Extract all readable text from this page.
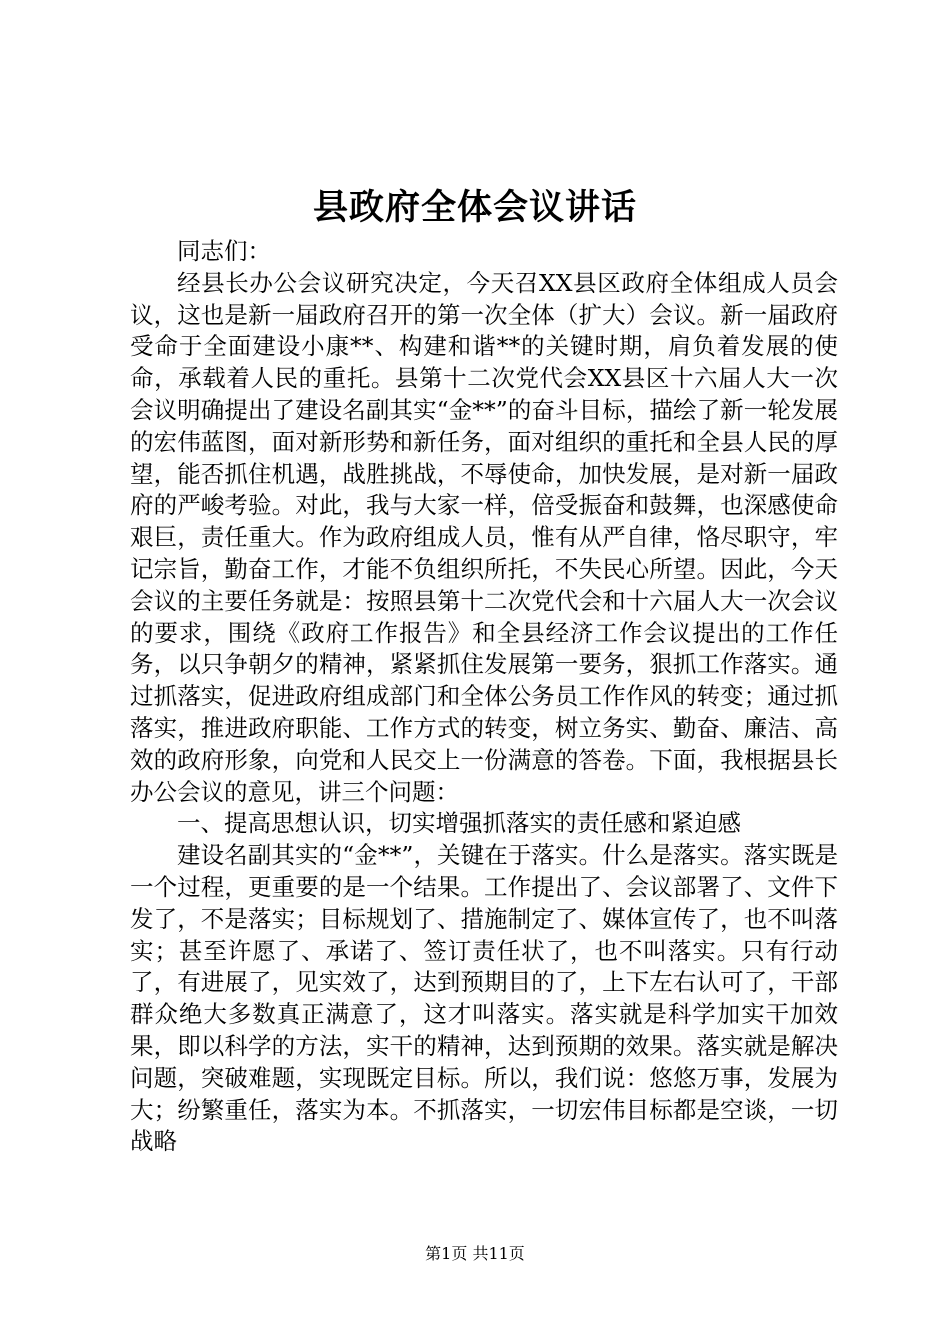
县政府全体会议讲话

同志们：

经县长办公会议研究决定，今天召XX县区政府全体组成人员会议，这也是新一届政府召开的第一次全体（扩大）会议。新一届政府受命于全面建设小康**、构建和谐**的关键时期，肩负着发展的使命，承载着人民的重托。县第十二次党代会XX县区十六届人大一次会议明确提出了建设名副其实“金**”的奋斗目标，描绘了新一轮发展的宏伟蓝图，面对新形势和新任务，面对组织的重托和全县人民的厚望，能否抓住机遇，战胜挑战，不辱使命，加快发展，是对新一届政府的严峻考验。对此，我与大家一样，倍受振奋和鼓舞，也深感使命艰巨，责任重大。作为政府组成人员，惟有从严自律，恪尽职守，牢记宗旨，勤奋工作，才能不负组织所托，不失民心所望。因此，今天会议的主要任务就是：按照县第十二次党代会和十六届人大一次会议的要求，围绕《政府工作报告》和全县经济工作会议提出的工作任务，以只争朝夕的精神，紧紧抓住发展第一要务，狠抓工作落实。通过抓落实，促进政府组成部门和全体公务员工作作风的转变；通过抓落实，推进政府职能、工作方式的转变，树立务实、勤奋、廉洁、高效的政府形象，向党和人民交上一份满意的答卷。下面，我根据县长办公会议的意见，讲三个问题：

一、提高思想认识，切实增强抓落实的责任感和紧迫感

建设名副其实的“金**”，关键在于落实。什么是落实。落实既是一个过程，更重要的是一个结果。工作提出了、会议部署了、文件下发了，不是落实；目标规划了、措施制定了、媒体宣传了，也不叫落实；甚至许愿了、承诺了、签订责任状了，也不叫落实。只有行动了，有进展了，见实效了，达到预期目的了，上下左右认可了，干部群众绝大多数真正满意了，这才叫落实。落实就是科学加实干加效果，即以科学的方法，实干的精神，达到预期的效果。落实就是解决问题，突破难题，实现既定目标。所以，我们说：悠悠万事，发展为大；纷繁重任，落实为本。不抓落实，一切宏伟目标都是空谈，一切战略

第1页 共11页
